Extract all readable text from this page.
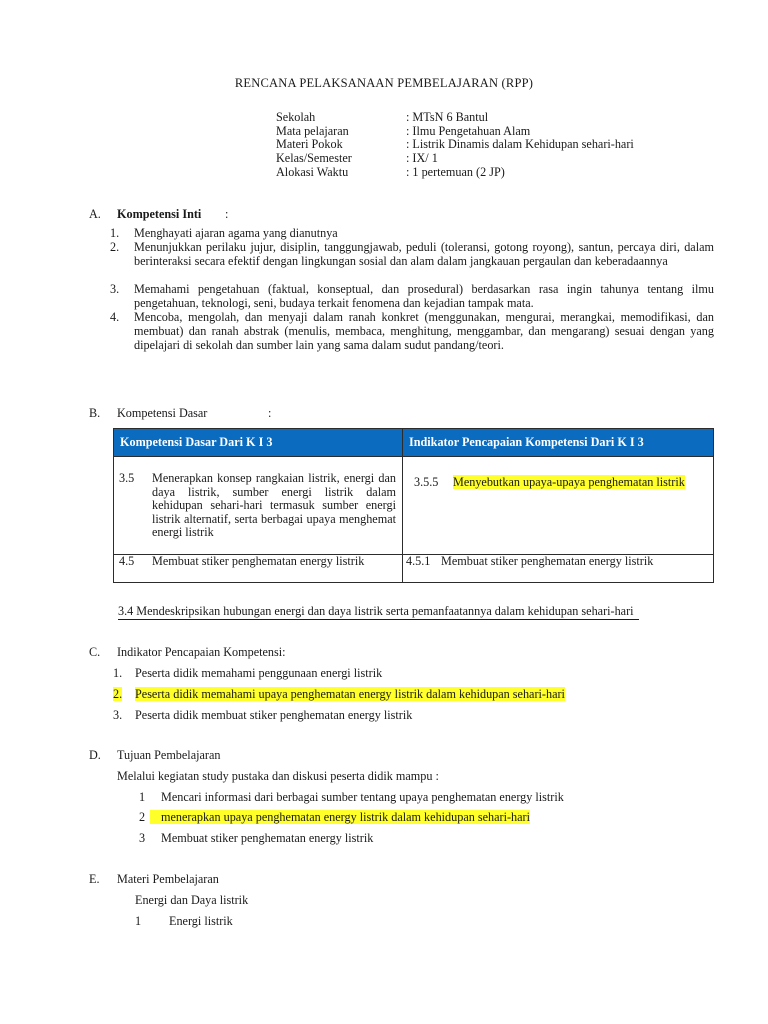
RENCANA PELAKSANAAN PEMBELAJARAN (RPP)
Sekolah	: MTsN 6 Bantul
Mata pelajaran	: Ilmu Pengetahuan Alam
Materi Pokok	: Listrik Dinamis dalam Kehidupan sehari-hari
Kelas/Semester	: IX/ 1
Alokasi Waktu	: 1 pertemuan (2 JP)
A. Kompetensi Inti :
1. Menghayati ajaran agama yang dianutnya
2. Menunjukkan perilaku jujur, disiplin, tanggungjawab, peduli (toleransi, gotong royong), santun, percaya diri, dalam berinteraksi secara efektif dengan lingkungan sosial dan alam dalam jangkauan pergaulan dan keberadaannya
3. Memahami pengetahuan (faktual, konseptual, dan prosedural) berdasarkan rasa ingin tahunya tentang ilmu pengetahuan, teknologi, seni, budaya terkait fenomena dan kejadian tampak mata.
4. Mencoba, mengolah, dan menyaji dalam ranah konkret (menggunakan, mengurai, merangkai, memodifikasi, dan membuat) dan ranah abstrak (menulis, membaca, menghitung, menggambar, dan mengarang) sesuai dengan yang dipelajari di sekolah dan sumber lain yang sama dalam sudut pandang/teori.
B. Kompetensi Dasar	:
Kompetensi Dasar Dari K I 3	Indikator Pencapaian Kompetensi Dari K I 3

3.5 Menerapkan konsep rangkaian listrik, energi dan daya listrik, sumber energi listrik dalam kehidupan sehari-hari termasuk sumber energi listrik alternatif, serta berbagai upaya menghemat energi listrik	3.5.5 Menyebutkan upaya-upaya penghematan listrik

4.5 Membuat stiker penghematan energy listrik	4.5.1 Membuat stiker penghematan energy listrik
3.4 Mendeskripsikan hubungan energi dan daya listrik serta pemanfaatannya dalam kehidupan sehari-hari
C. Indikator Pencapaian Kompetensi:
1. Peserta didik memahami penggunaan energi listrik
2. Peserta didik memahami upaya penghematan energy listrik dalam kehidupan sehari-hari
3. Peserta didik membuat stiker penghematan energy listrik
D. Tujuan Pembelajaran
Melalui kegiatan study pustaka dan diskusi peserta didik mampu :
1 Mencari informasi dari berbagai sumber tentang upaya penghematan energy listrik
2	menerapkan upaya penghematan energy listrik dalam kehidupan sehari-hari
3 Membuat stiker penghematan energy listrik
E. Materi Pembelajaran
Energi dan Daya listrik
1 Energi listrik
